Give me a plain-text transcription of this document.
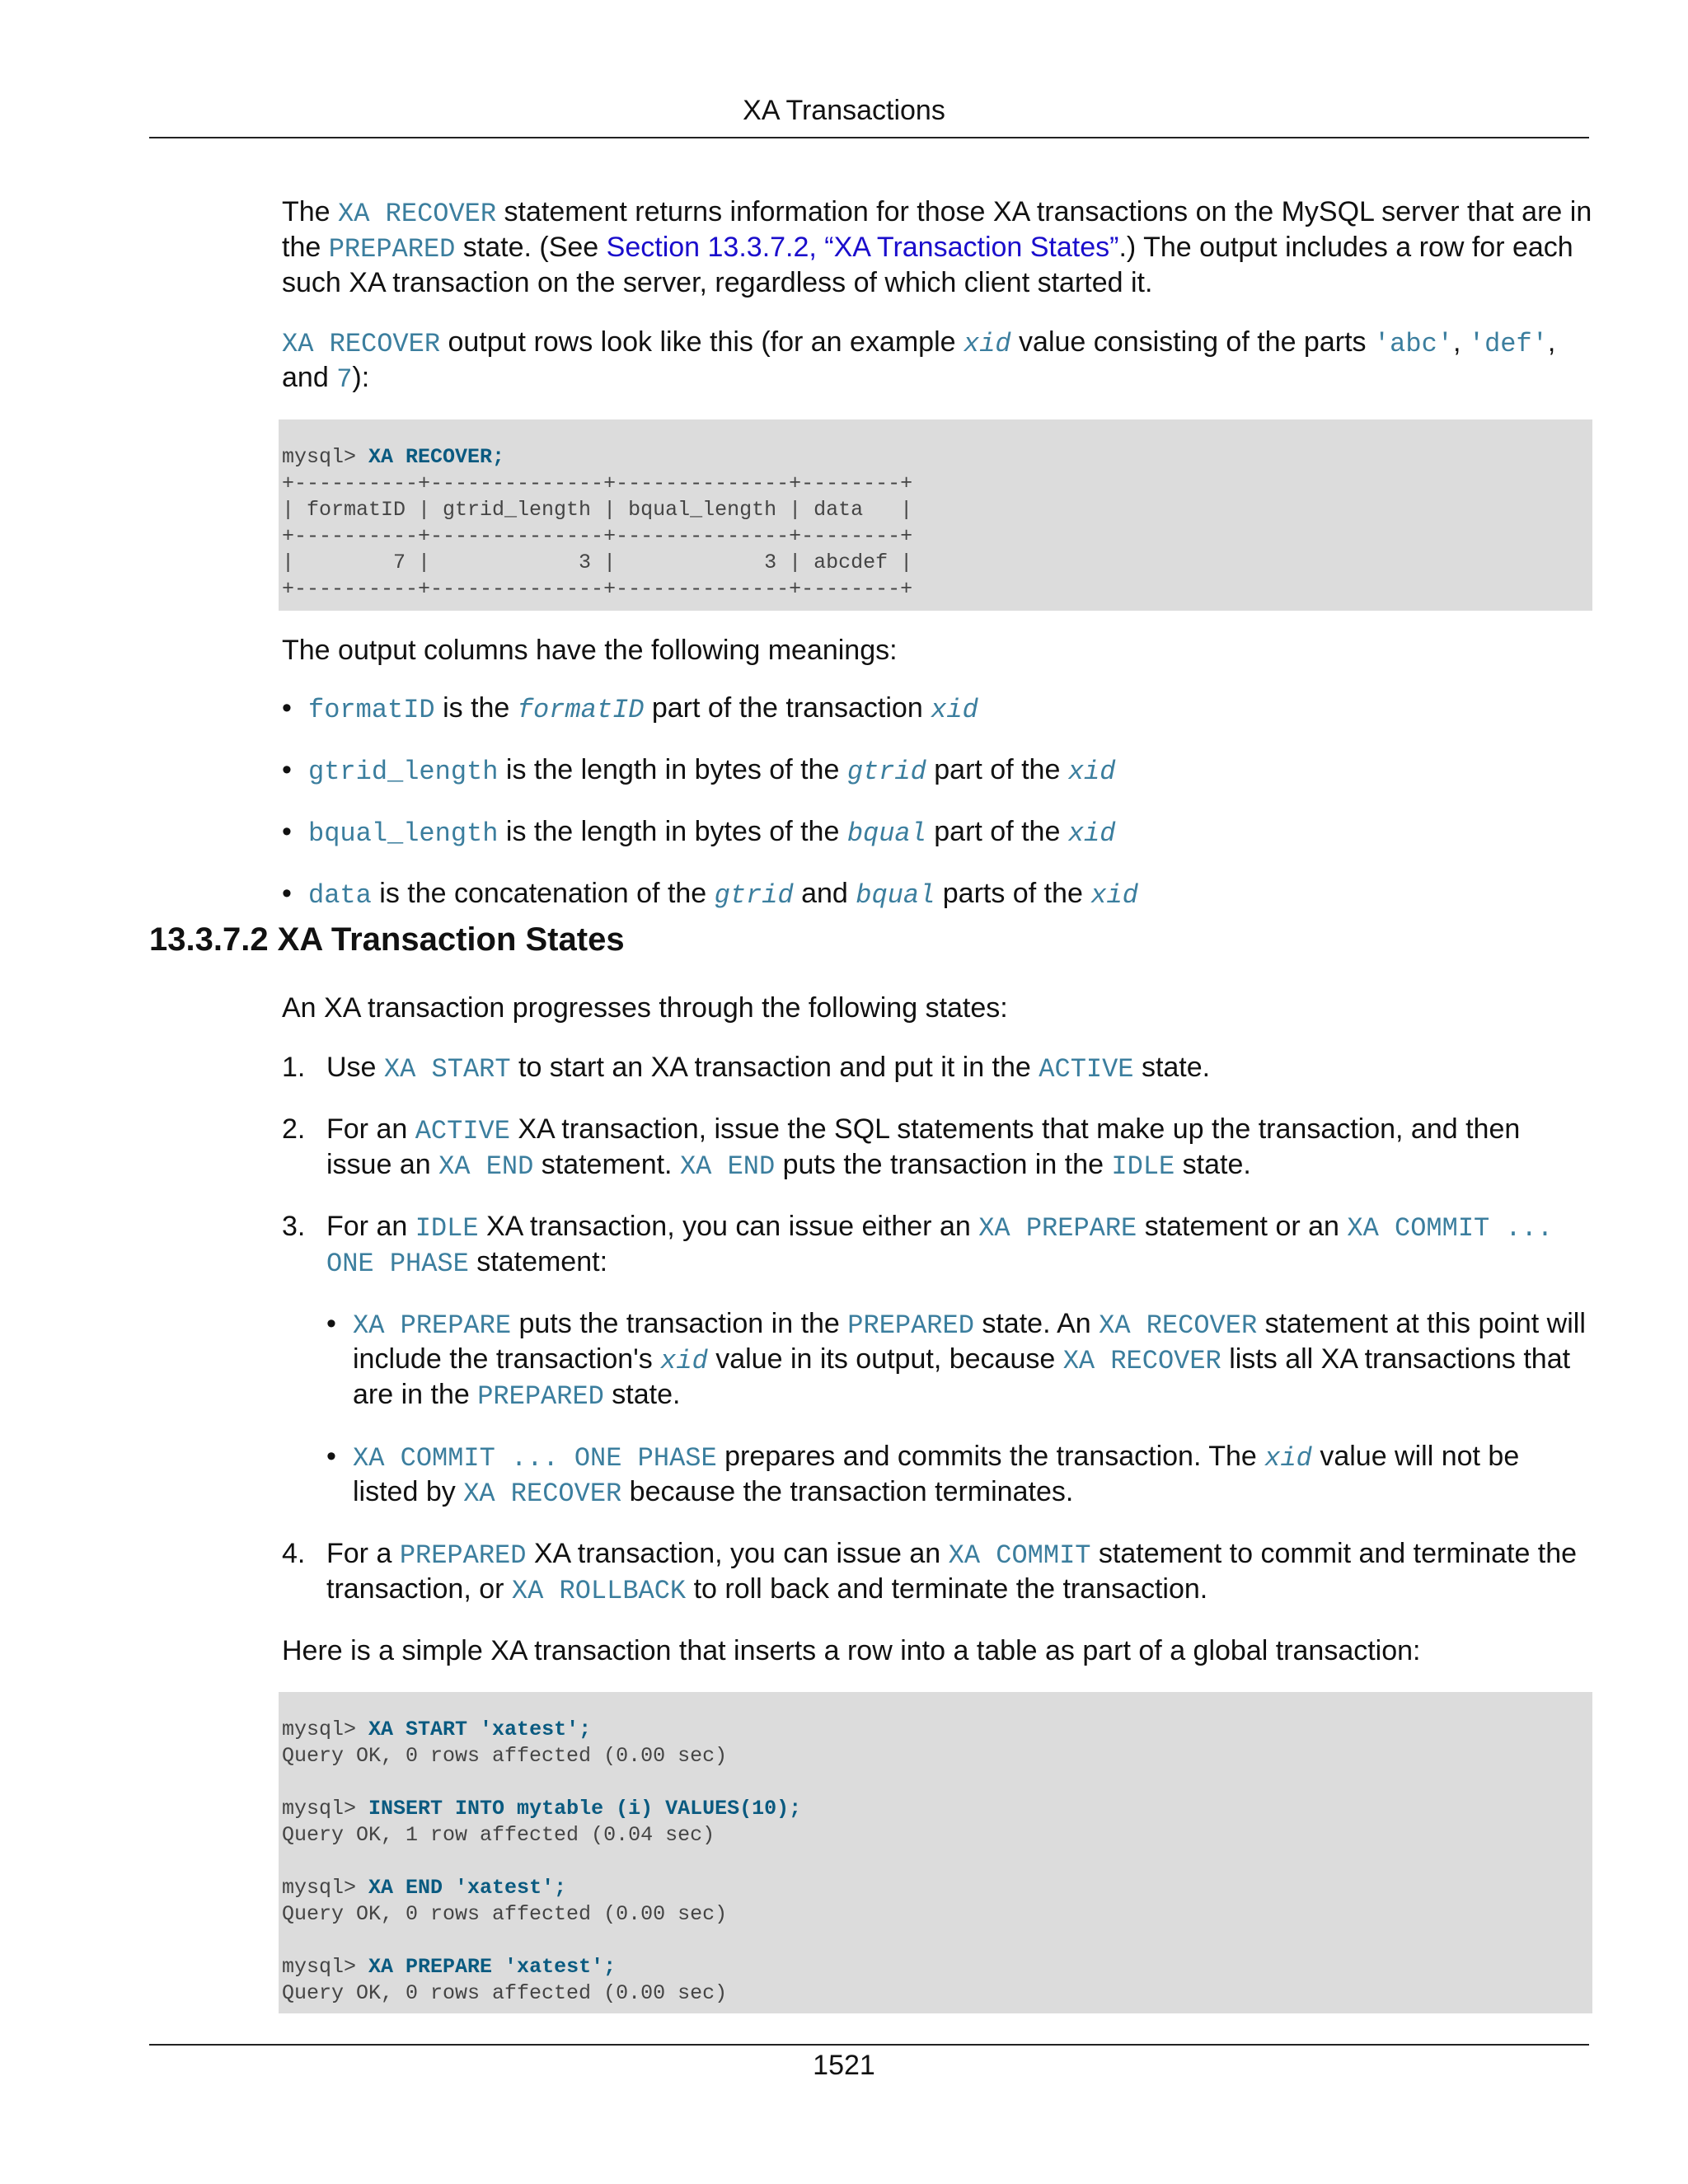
XA Transactions

The XA RECOVER statement returns information for those XA transactions on the MySQL server that are in the PREPARED state. (See Section 13.3.7.2, “XA Transaction States”.) The output includes a row for each such XA transaction on the server, regardless of which client started it.

XA RECOVER output rows look like this (for an example xid value consisting of the parts 'abc', 'def', and 7):

mysql> XA RECOVER;
+----------+--------------+--------------+--------+
| formatID | gtrid_length | bqual_length | data   |
+----------+--------------+--------------+--------+
|        7 |            3 |            3 | abcdef |
+----------+--------------+--------------+--------+

The output columns have the following meanings:

• formatID is the formatID part of the transaction xid
• gtrid_length is the length in bytes of the gtrid part of the xid
• bqual_length is the length in bytes of the bqual part of the xid
• data is the concatenation of the gtrid and bqual parts of the xid
13.3.7.2 XA Transaction States

An XA transaction progresses through the following states:

1. Use XA START to start an XA transaction and put it in the ACTIVE state.
2. For an ACTIVE XA transaction, issue the SQL statements that make up the transaction, and then issue an XA END statement. XA END puts the transaction in the IDLE state.
3. For an IDLE XA transaction, you can issue either an XA PREPARE statement or an XA COMMIT ... ONE PHASE statement:
• XA PREPARE puts the transaction in the PREPARED state. An XA RECOVER statement at this point will include the transaction's xid value in its output, because XA RECOVER lists all XA transactions that are in the PREPARED state.
• XA COMMIT ... ONE PHASE prepares and commits the transaction. The xid value will not be listed by XA RECOVER because the transaction terminates.
4. For a PREPARED XA transaction, you can issue an XA COMMIT statement to commit and terminate the transaction, or XA ROLLBACK to roll back and terminate the transaction.

Here is a simple XA transaction that inserts a row into a table as part of a global transaction:

mysql> XA START 'xatest';
Query OK, 0 rows affected (0.00 sec)

mysql> INSERT INTO mytable (i) VALUES(10);
Query OK, 1 row affected (0.04 sec)

mysql> XA END 'xatest';
Query OK, 0 rows affected (0.00 sec)

mysql> XA PREPARE 'xatest';
Query OK, 0 rows affected (0.00 sec)
1521
